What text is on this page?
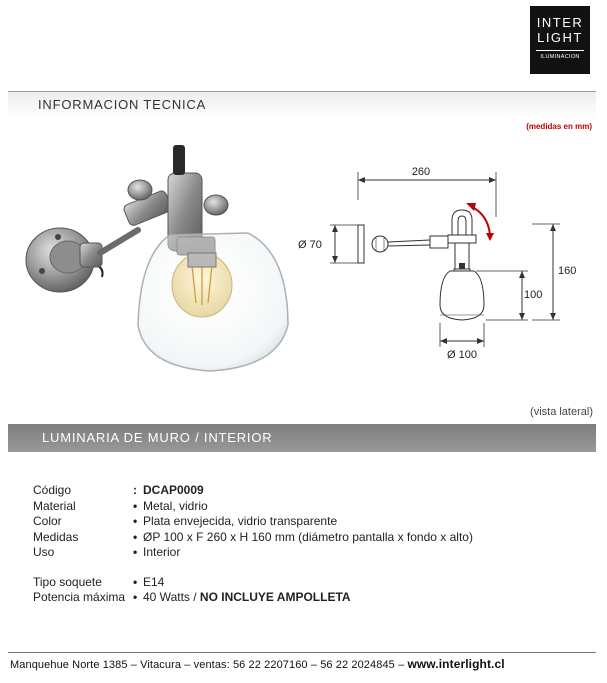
INTER
LIGHT
ILUMINACION
INFORMACION TECNICA
(medidas en mm)
260
Ø 70
100
160
Ø 100
(vista lateral)
LUMINARIA DE MURO / INTERIOR
Código	: DCAP0009
Material	• Metal, vidrio
Color	• Plata envejecida, vidrio transparente
Medidas	• ØP 100 x F 260 x H 160 mm (diámetro pantalla x fondo x alto)
Uso	• Interior
Tipo soquete	• E14
Potencia máxima • 40 Watts / NO INCLUYE AMPOLLETA
Manquehue Norte 1385 – Vitacura – ventas: 56 22 2207160 – 56 22 2024845 – www.interlight.cl
